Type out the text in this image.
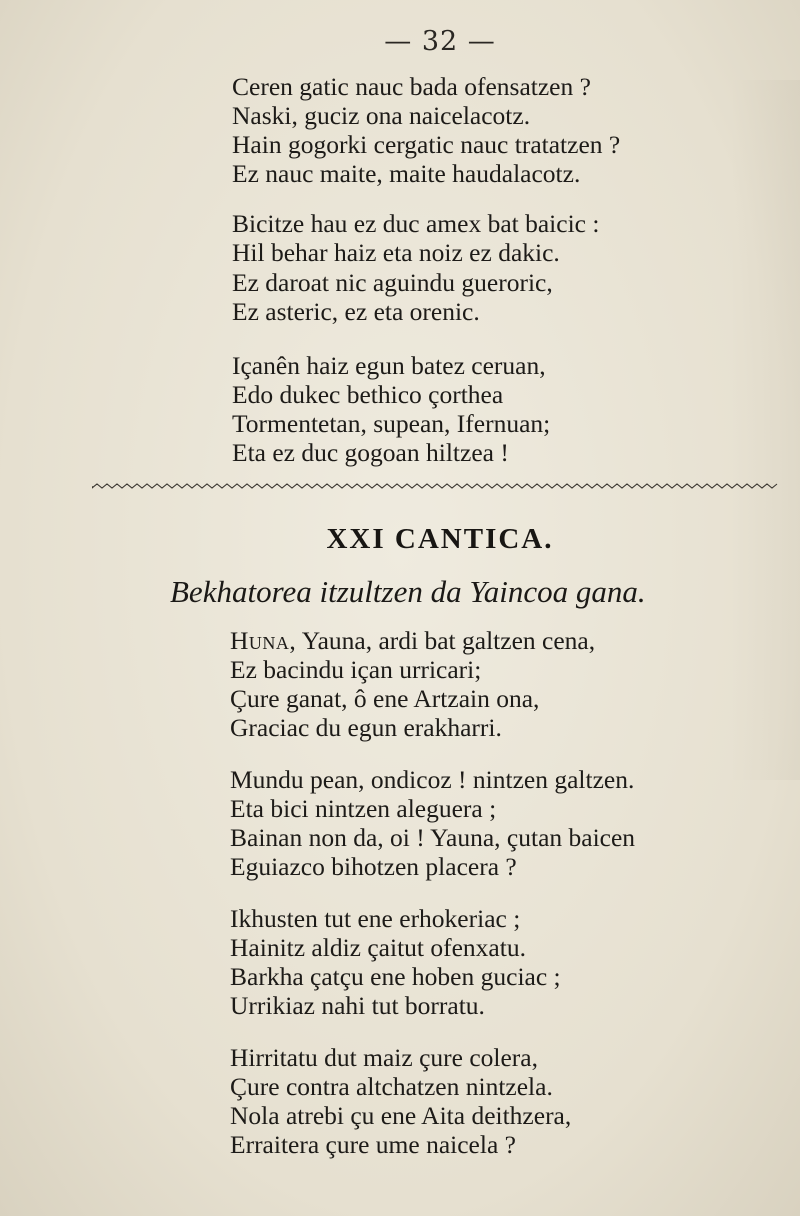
— 32 —
Ceren gatic nauc bada ofensatzen ?
Naski, guciz ona naicelacotz.
Hain gogorki cergatic nauc tratatzen ?
Ez nauc maite, maite haudalacotz.
Bicitze hau ez duc amex bat baicic :
Hil behar haiz eta noiz ez dakic.
Ez daroat nic aguindu gueroric,
Ez asteric, ez eta orenic.
Içanên haiz egun batez ceruan,
Edo dukec bethico çorthea
Tormentetan, supean, Ifernuan;
Eta ez duc gogoan hiltzea !
XXI CANTICA.
Bekhatorea itzultzen da Yaincoa gana.
Huna, Yauna, ardi bat galtzen cena,
Ez bacindu içan urricari;
Çure ganat, ô ene Artzain ona,
Graciac du egun erakharri.
Mundu pean, ondicoz ! nintzen galtzen.
Eta bici nintzen aleguera ;
Bainan non da, oi ! Yauna, çutan baicen
Eguiazco bihotzen placera ?
Ikhusten tut ene erhokeriac ;
Hainitz aldiz çaitut ofenxatu.
Barkha çatçu ene hoben guciac ;
Urrikiaz nahi tut borratu.
Hirritatu dut maiz çure colera,
Çure contra altchatzen nintzela.
Nola atrebi çu ene Aita deithzera,
Erraitera çure ume naicela ?
